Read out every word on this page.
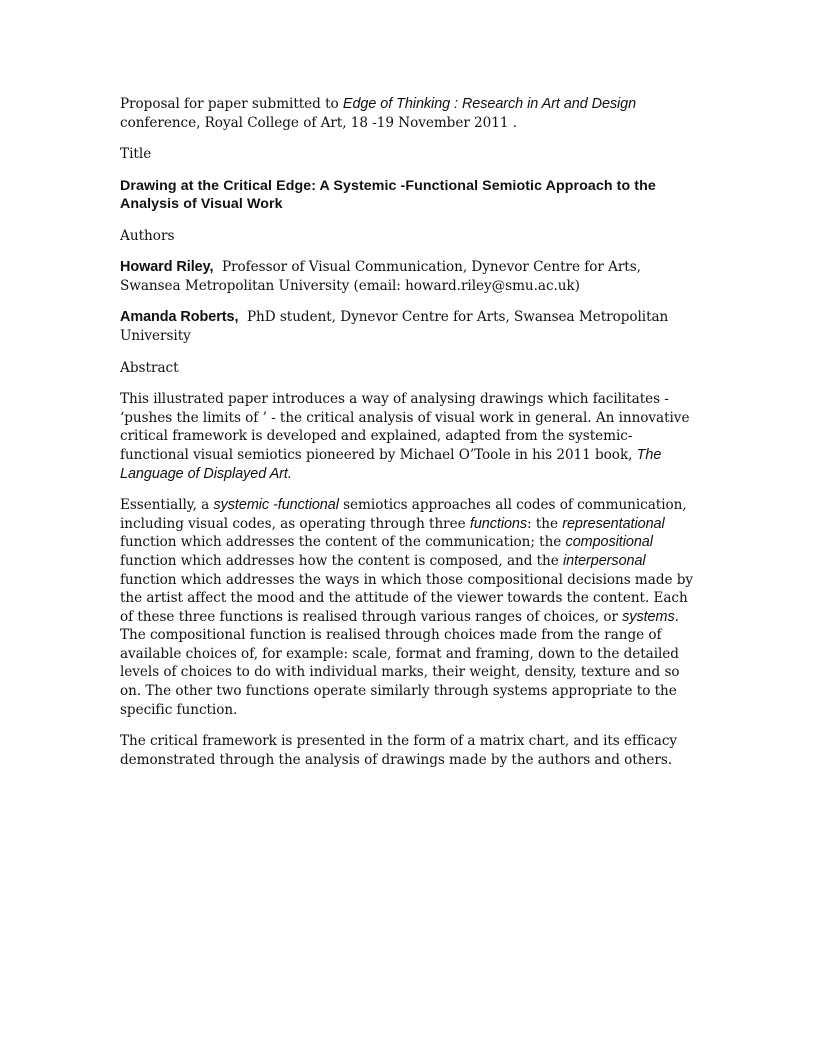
Proposal for paper submitted to Edge of Thinking : Research in Art and Design
conference, Royal College of Art, 18 -19 November 2011 .

Title

Drawing at the Critical Edge: A Systemic -Functional Semiotic Approach to the Analysis of Visual Work

Authors

Howard Riley, Professor of Visual Communication, Dynevor Centre for Arts, Swansea Metropolitan University (email: howard.riley@smu.ac.uk)

Amanda Roberts, PhD student, Dynevor Centre for Arts, Swansea Metropolitan University

Abstract

This illustrated paper introduces a way of analysing drawings which facilitates - ‘pushes the limits of ’ - the critical analysis of visual work in general. An innovative critical framework is developed and explained, adapted from the systemic-functional visual semiotics pioneered by Michael O’Toole in his 2011 book, The Language of Displayed Art.

Essentially, a systemic -functional semiotics approaches all codes of communication, including visual codes, as operating through three functions: the representational function which addresses the content of the communication; the compositional function which addresses how the content is composed, and the interpersonal function which addresses the ways in which those compositional decisions made by the artist affect the mood and the attitude of the viewer towards the content. Each of these three functions is realised through various ranges of choices, or systems. The compositional function is realised through choices made from the range of available choices of, for example: scale, format and framing, down to the detailed levels of choices to do with individual marks, their weight, density, texture and so on. The other two functions operate similarly through systems appropriate to the specific function.

The critical framework is presented in the form of a matrix chart, and its efficacy demonstrated through the analysis of drawings made by the authors and others.
